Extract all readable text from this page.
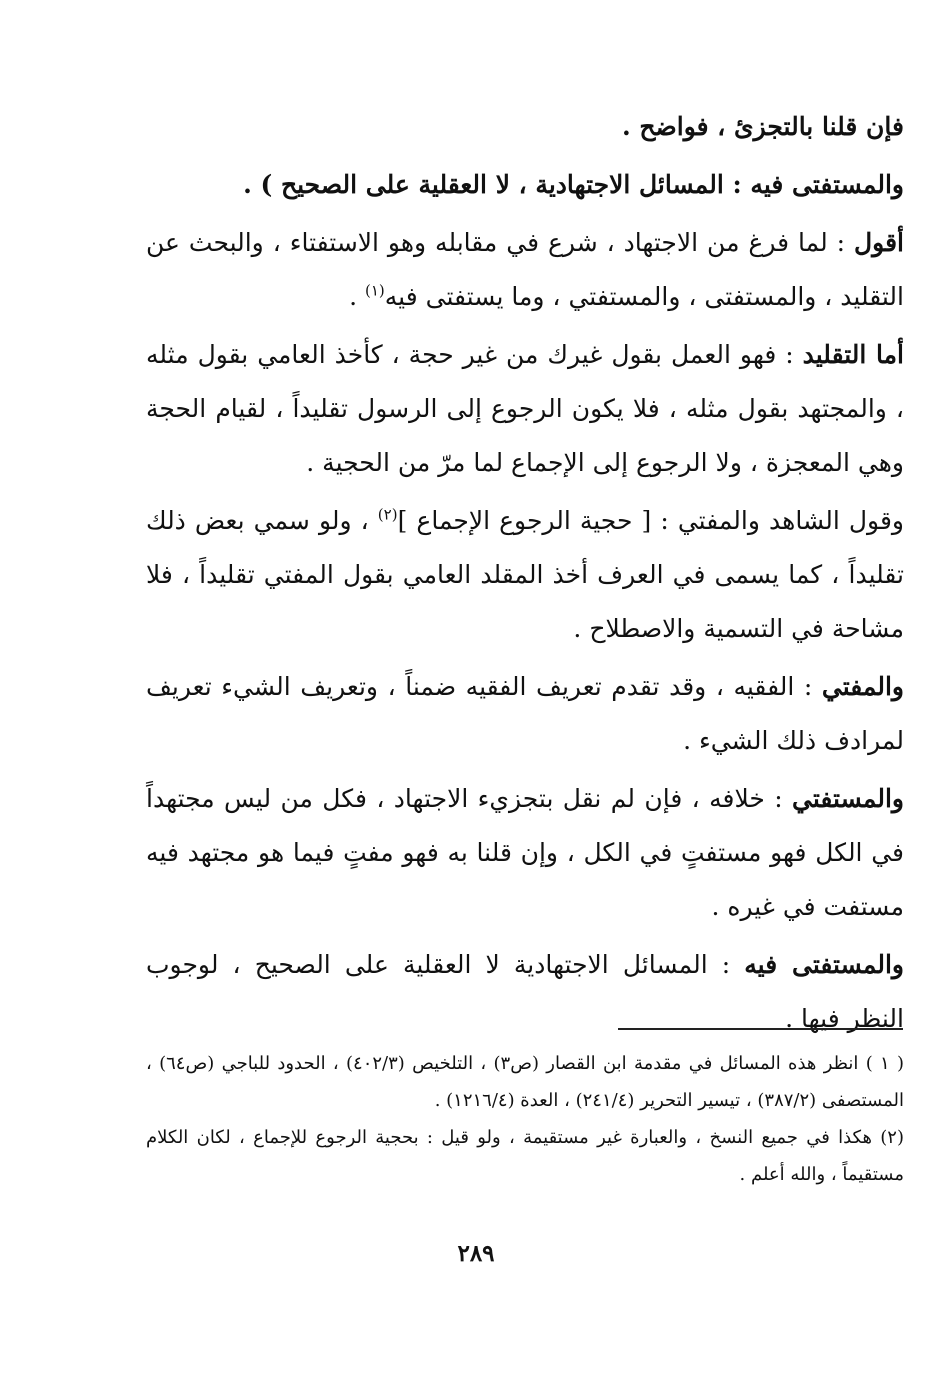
فإن قلنا بالتجزئ ، فواضح .

والمستفتى فيه : المسائل الاجتهادية ، لا العقلية على الصحيح ) .

أقول : لما فرغ من الاجتهاد ، شرع في مقابله وهو الاستفتاء ، والبحث عن التقليد ، والمستفتى ، والمستفتي ، وما يستفتى فيه$^{(١)}$ .

أما التقليد : فهو العمل بقول غيرك من غير حجة ، كأخذ العامي بقول مثله ، والمجتهد بقول مثله ، فلا يكون الرجوع إلى الرسول تقليداً ، لقيام الحجة وهي المعجزة ، ولا الرجوع إلى الإجماع لما مرّ من الحجية .

وقول الشاهد والمفتي : [ حجية الرجوع الإجماع ]$^{(٢)}$ ، ولو سمي بعض ذلك تقليداً ، كما يسمى في العرف أخذ المقلد العامي بقول المفتي تقليداً ، فلا مشاحة في التسمية والاصطلاح .

والمفتي : الفقيه ، وقد تقدم تعريف الفقيه ضمناً ، وتعريف الشيء تعريف لمرادف ذلك الشيء .

والمستفتي : خلافه ، فإن لم نقل بتجزيء الاجتهاد ، فكل من ليس مجتهداً في الكل فهو مستفتٍ في الكل ، وإن قلنا به فهو مفتٍ فيما هو مجتهد فيه مستفت في غيره .

والمستفتى فيه : المسائل الاجتهادية لا العقلية على الصحيح ، لوجوب النظر فيها .

( ١ ) انظر هذه المسائل في مقدمة ابن القصار (ص٣) ، التلخيص (٤٠٢/٣) ، الحدود للباجي (ص٦٤) ، المستصفى (٣٨٧/٢) ، تيسير التحرير (٢٤١/٤) ، العدة (١٢١٦/٤) .

(٢) هكذا في جميع النسخ ، والعبارة غير مستقيمة ، ولو قيل : بحجية الرجوع للإجماع ، لكان الكلام مستقيماً ، والله أعلم .

٢٨٩
